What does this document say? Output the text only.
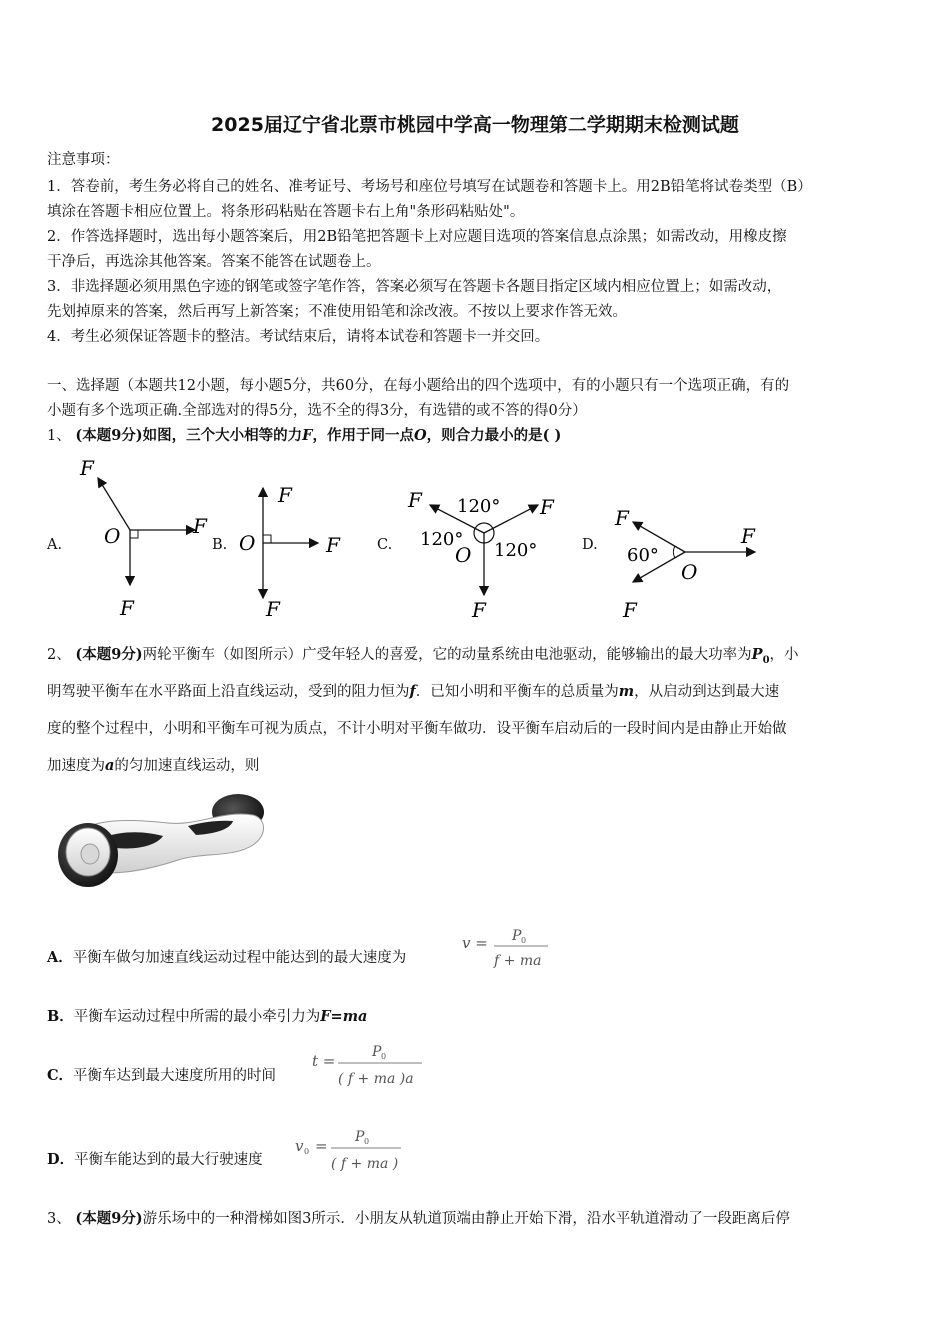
2025届辽宁省北票市桃园中学高一物理第二学期期末检测试题
注意事项：
1．答卷前，考生务必将自己的姓名、准考证号、考场号和座位号填写在试题卷和答题卡上。用2B铅笔将试卷类型（B）
填涂在答题卡相应位置上。将条形码粘贴在答题卡右上角"条形码粘贴处"。
2．作答选择题时，选出每小题答案后，用2B铅笔把答题卡上对应题目选项的答案信息点涂黑；如需改动，用橡皮擦
干净后，再选涂其他答案。答案不能答在试题卷上。
3．非选择题必须用黑色字迹的钢笔或签字笔作答，答案必须写在答题卡各题目指定区域内相应位置上；如需改动，
先划掉原来的答案，然后再写上新答案；不准使用铅笔和涂改液。不按以上要求作答无效。
4．考生必须保证答题卡的整洁。考试结束后，请将本试卷和答题卡一并交回。
一、选择题（本题共12小题，每小题5分，共60分，在每小题给出的四个选项中，有的小题只有一个选项正确，有的
小题有多个选项正确.全部选对的得5分，选不全的得3分，有选错的或不答的得0分）
1、 (本题9分)如图，三个大小相等的力F，作用于同一点O，则合力最小的是( )
A.	B.	C.	D.
F
F
F
O
F
F
F
O
F	F
F
O
120°
120°
120°
F
F
F
O
60°
2、 (本题9分)两轮平衡车（如图所示）广受年轻人的喜爱，它的动量系统由电池驱动，能够输出的最大功率为$P_0$，小
明驾驶平衡车在水平路面上沿直线运动，受到的阻力恒为f．已知小明和平衡车的总质量为m，从启动到达到最大速
度的整个过程中，小明和平衡车可视为质点，不计小明对平衡车做功．设平衡车启动后的一段时间内是由静止开始做
加速度为a的匀加速直线运动，则
A．平衡车做匀加速直线运动过程中能达到的最大速度为
v = P 0
f + ma
B．平衡车运动过程中所需的最小牵引力为F=ma
C．平衡车达到最大速度所用的时间
t =	P 0
( f + ma )a
D．平衡车能达到的最大行驶速度
v 0 = P 0
( f + ma )
3、 (本题9分)游乐场中的一种滑梯如图3所示．小朋友从轨道顶端由静止开始下滑，沿水平轨道滑动了一段距离后停
